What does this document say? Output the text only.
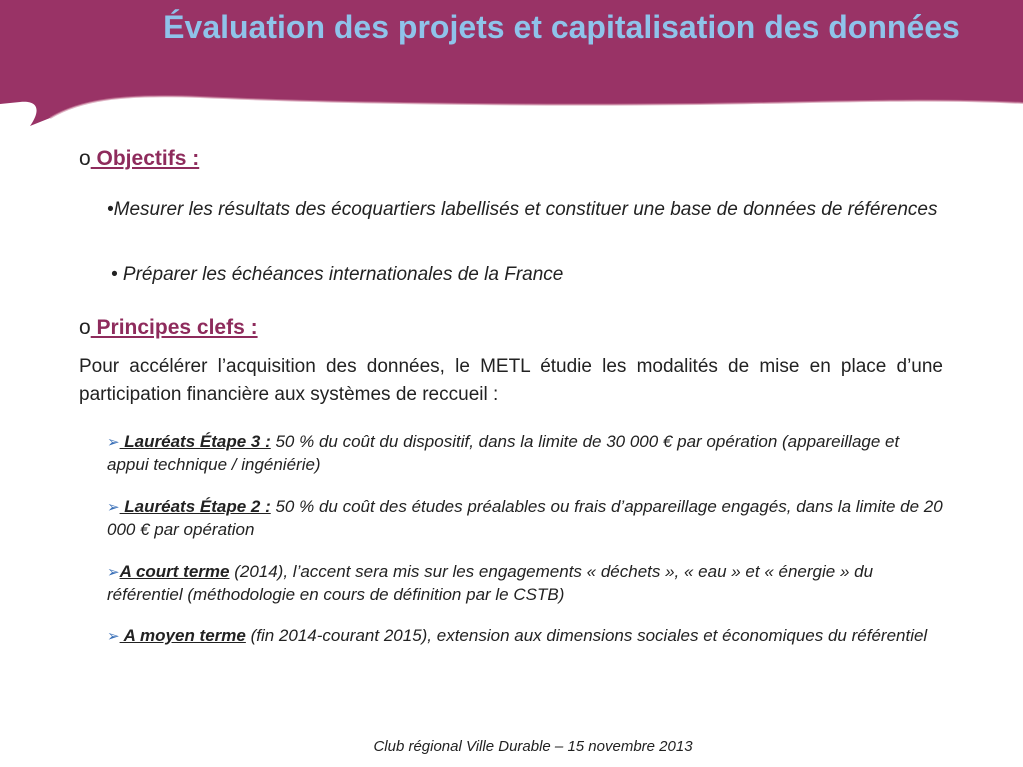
Évaluation des projets et capitalisation des données
o Objectifs :

•Mesurer les résultats des écoquartiers labellisés et constituer une base de données de références

• Préparer les échéances internationales de la France

o Principes clefs :

Pour accélérer l’acquisition des données, le METL étudie les modalités de mise en place d’une participation financière aux systèmes de reccueil :

➢ Lauréats Étape 3 : 50 % du coût du dispositif, dans la limite de 30 000 € par opération (appareillage et appui technique / ingéniérie)

➢ Lauréats Étape 2 : 50 % du coût des études préalables ou frais d’appareillage engagés, dans la limite de 20 000 € par opération

➢A court terme (2014), l’accent sera mis sur les engagements « déchets », « eau » et « énergie » du référentiel (méthodologie en cours de définition par le CSTB)

➢ A moyen terme (fin 2014-courant 2015), extension aux dimensions sociales et économiques du référentiel

Club régional Ville Durable – 15 novembre 2013
